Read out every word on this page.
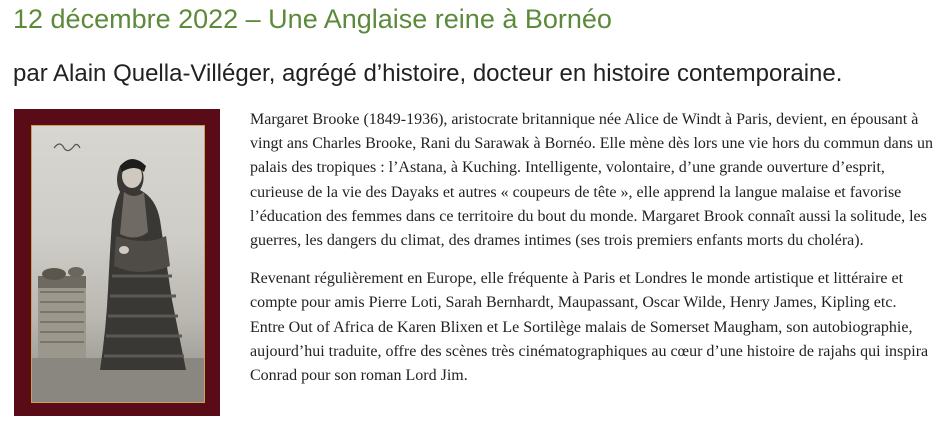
12 décembre 2022 – Une Anglaise reine à Bornéo
par Alain Quella-Villéger, agrégé d’histoire, docteur en histoire contemporaine.

Margaret Brooke (1849-1936), aristocrate britannique née Alice de Windt à Paris, devient, en épousant à vingt ans Charles Brooke, Rani du Sarawak à Bornéo. Elle mène dès lors une vie hors du commun dans un palais des tropiques : l’Astana, à Kuching. Intelligente, volontaire, d’une grande ouverture d’esprit, curieuse de la vie des Dayaks et autres « coupeurs de tête », elle apprend la langue malaise et favorise l’éducation des femmes dans ce territoire du bout du monde. Margaret Brook connaît aussi la solitude, les guerres, les dangers du climat, des drames intimes (ses trois premiers enfants morts du choléra).

Revenant régulièrement en Europe, elle fréquente à Paris et Londres le monde artistique et littéraire et compte pour amis Pierre Loti, Sarah Bernhardt, Maupassant, Oscar Wilde, Henry James, Kipling etc. Entre Out of Africa de Karen Blixen et Le Sortilège malais de Somerset Maugham, son autobiographie, aujourd’hui traduite, offre des scènes très cinématographiques au cœur d’une histoire de rajahs qui inspira Conrad pour son roman Lord Jim.
